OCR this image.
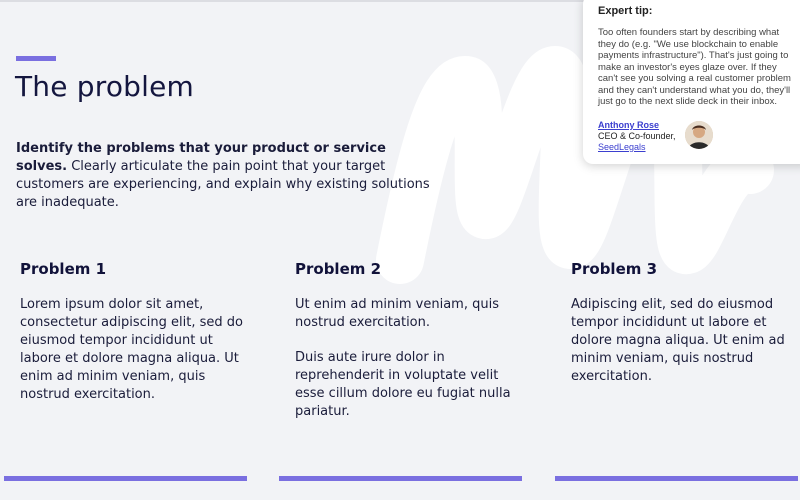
The problem

Identify the problems that your product or service solves. Clearly articulate the pain point that your target customers are experiencing, and explain why existing solutions are inadequate.

Problem 1

Lorem ipsum dolor sit amet, consectetur adipiscing elit, sed do eiusmod tempor incididunt ut labore et dolore magna aliqua. Ut enim ad minim veniam, quis nostrud exercitation.

Problem 2

Ut enim ad minim veniam, quis nostrud exercitation.

Duis aute irure dolor in reprehenderit in voluptate velit esse cillum dolore eu fugiat nulla pariatur.

Problem 3

Adipiscing elit, sed do eiusmod tempor incididunt ut labore et dolore magna aliqua. Ut enim ad minim veniam, quis nostrud exercitation.

Expert tip:

Too often founders start by describing what they do (e.g. "We use blockchain to enable payments infrastructure"). That's just going to make an investor's eyes glaze over. If they can't see you solving a real customer problem and they can't understand what you do, they'll just go to the next slide deck in their inbox.

Anthony Rose
CEO & Co-founder,
SeedLegals
